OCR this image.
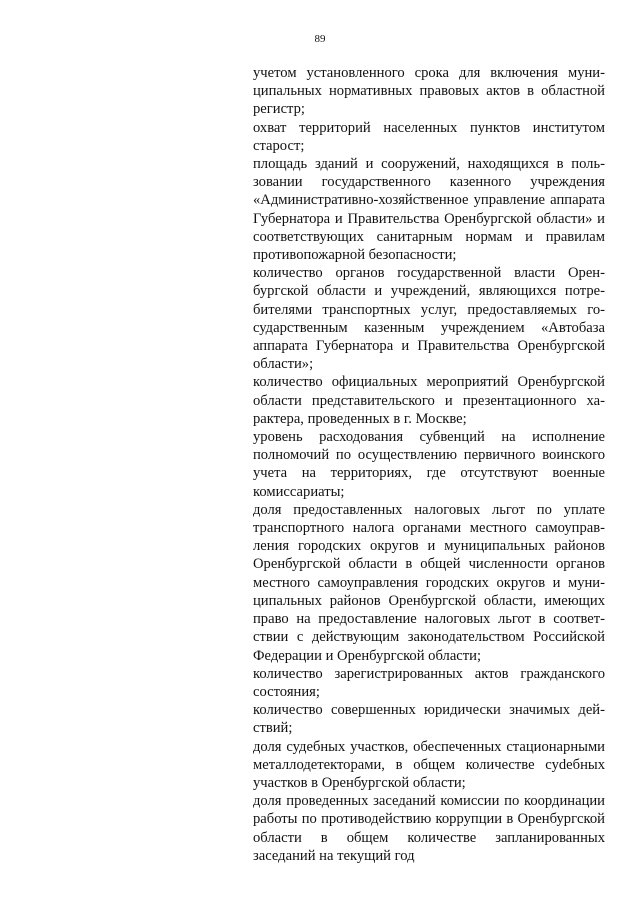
89
учетом установленного срока для включения муниципальных нормативных правовых актов в областной регистр;
охват территорий населенных пунктов институтом старост;
площадь зданий и сооружений, находящихся в пользовании государственного казенного учреждения «Административно-хозяйственное управление аппарата Губернатора и Правительства Оренбургской области» и соответствующих санитарным нормам и правилам противопожарной безопасности;
количество органов государственной власти Оренбургской области и учреждений, являющихся потребителями транспортных услуг, предоставляемых государственным казенным учреждением «Автобаза аппарата Губернатора и Правительства Оренбургской области»;
количество официальных мероприятий Оренбургской области представительского и презентационного характера, проведенных в г. Москве;
уровень расходования субвенций на исполнение полномочий по осуществлению первичного воинского учета на территориях, где отсутствуют военные комиссариаты;
доля предоставленных налоговых льгот по уплате транспортного налога органами местного самоуправления городских округов и муниципальных районов Оренбургской области в общей численности органов местного самоуправления городских округов и муниципальных районов Оренбургской области, имеющих право на предоставление налоговых льгот в соответствии с действующим законодательством Российской Федерации и Оренбургской области;
количество зарегистрированных актов гражданского состояния;
количество совершенных юридически значимых действий;
доля судебных участков, обеспеченных стационарными металлодетекторами, в общем количестве суdебных участков в Оренбургской области;
доля проведенных заседаний комиссии по координации работы по противодействию коррупции в Оренбургской области в общем количестве запланированных заседаний на текущий год
